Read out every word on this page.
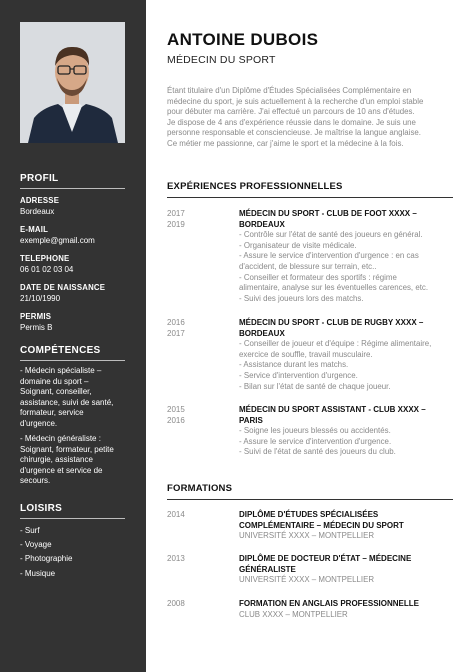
PROFIL
ADRESSE
Bordeaux
E-MAIL
exemple@gmail.com
TELEPHONE
06 01 02 03 04
DATE DE NAISSANCE
21/10/1990
PERMIS
Permis B
COMPÉTENCES
- Médecin spécialiste –
domaine du sport –
Soignant, conseiller,
assistance, suivi de santé,
formateur, service
d'urgence.
- Médecin généraliste :
Soignant, formateur, petite
chirurgie, assistance
d'urgence et service de
secours.
LOISIRS
- Surf
- Voyage
- Photographie
- Musique
ANTOINE DUBOIS
MÉDECIN DU SPORT
Étant titulaire d'un Diplôme d'Études Spécialisées Complémentaire en
médecine du sport, je suis actuellement à la recherche d'un emploi stable
pour débuter ma carrière. J'ai effectué un parcours de 10 ans d'études.
Je dispose de 4 ans d'expérience réussie dans le domaine. Je suis une
personne responsable et consciencieuse. Je maîtrise la langue anglaise.
Ce métier me passionne, car j'aime le sport et la médecine à la fois.
EXPÉRIENCES PROFESSIONNELLES
2017
2019
MÉDECIN DU SPORT - CLUB DE FOOT XXXX –
BORDEAUX
- Contrôle sur l'état de santé des joueurs en général.
- Organisateur de visite médicale.
- Assure le service d'intervention d'urgence : en cas
d'accident, de blessure sur terrain, etc..
- Conseiller et formateur des sportifs : régime
alimentaire, analyse sur les éventuelles carences, etc.
- Suivi des joueurs lors des matchs.
2016
2017
MÉDECIN DU SPORT - CLUB DE RUGBY XXXX –
BORDEAUX
- Conseiller de joueur et d'équipe : Régime alimentaire,
exercice de souffle, travail musculaire.
- Assistance durant les matchs.
- Service d'intervention d'urgence.
- Bilan sur l'état de santé de chaque joueur.
2015
2016
MÉDECIN DU SPORT ASSISTANT - CLUB XXXX –
PARIS
- Soigne les joueurs blessés ou accidentés.
- Assure le service d'intervention d'urgence.
- Suivi de l'état de santé des joueurs du club.
FORMATIONS
2014	DIPLÔME D'ÉTUDES SPÉCIALISÉES
COMPLÉMENTAIRE – MÉDECIN DU SPORT
UNIVERSITÉ XXXX – MONTPELLIER
2013	DIPLÔME DE DOCTEUR D'ÉTAT – MÉDECINE
GÉNÉRALISTE
UNIVERSITÉ XXXX – MONTPELLIER
2008	FORMATION EN ANGLAIS PROFESSIONNELLE
CLUB XXXX – MONTPELLIER
